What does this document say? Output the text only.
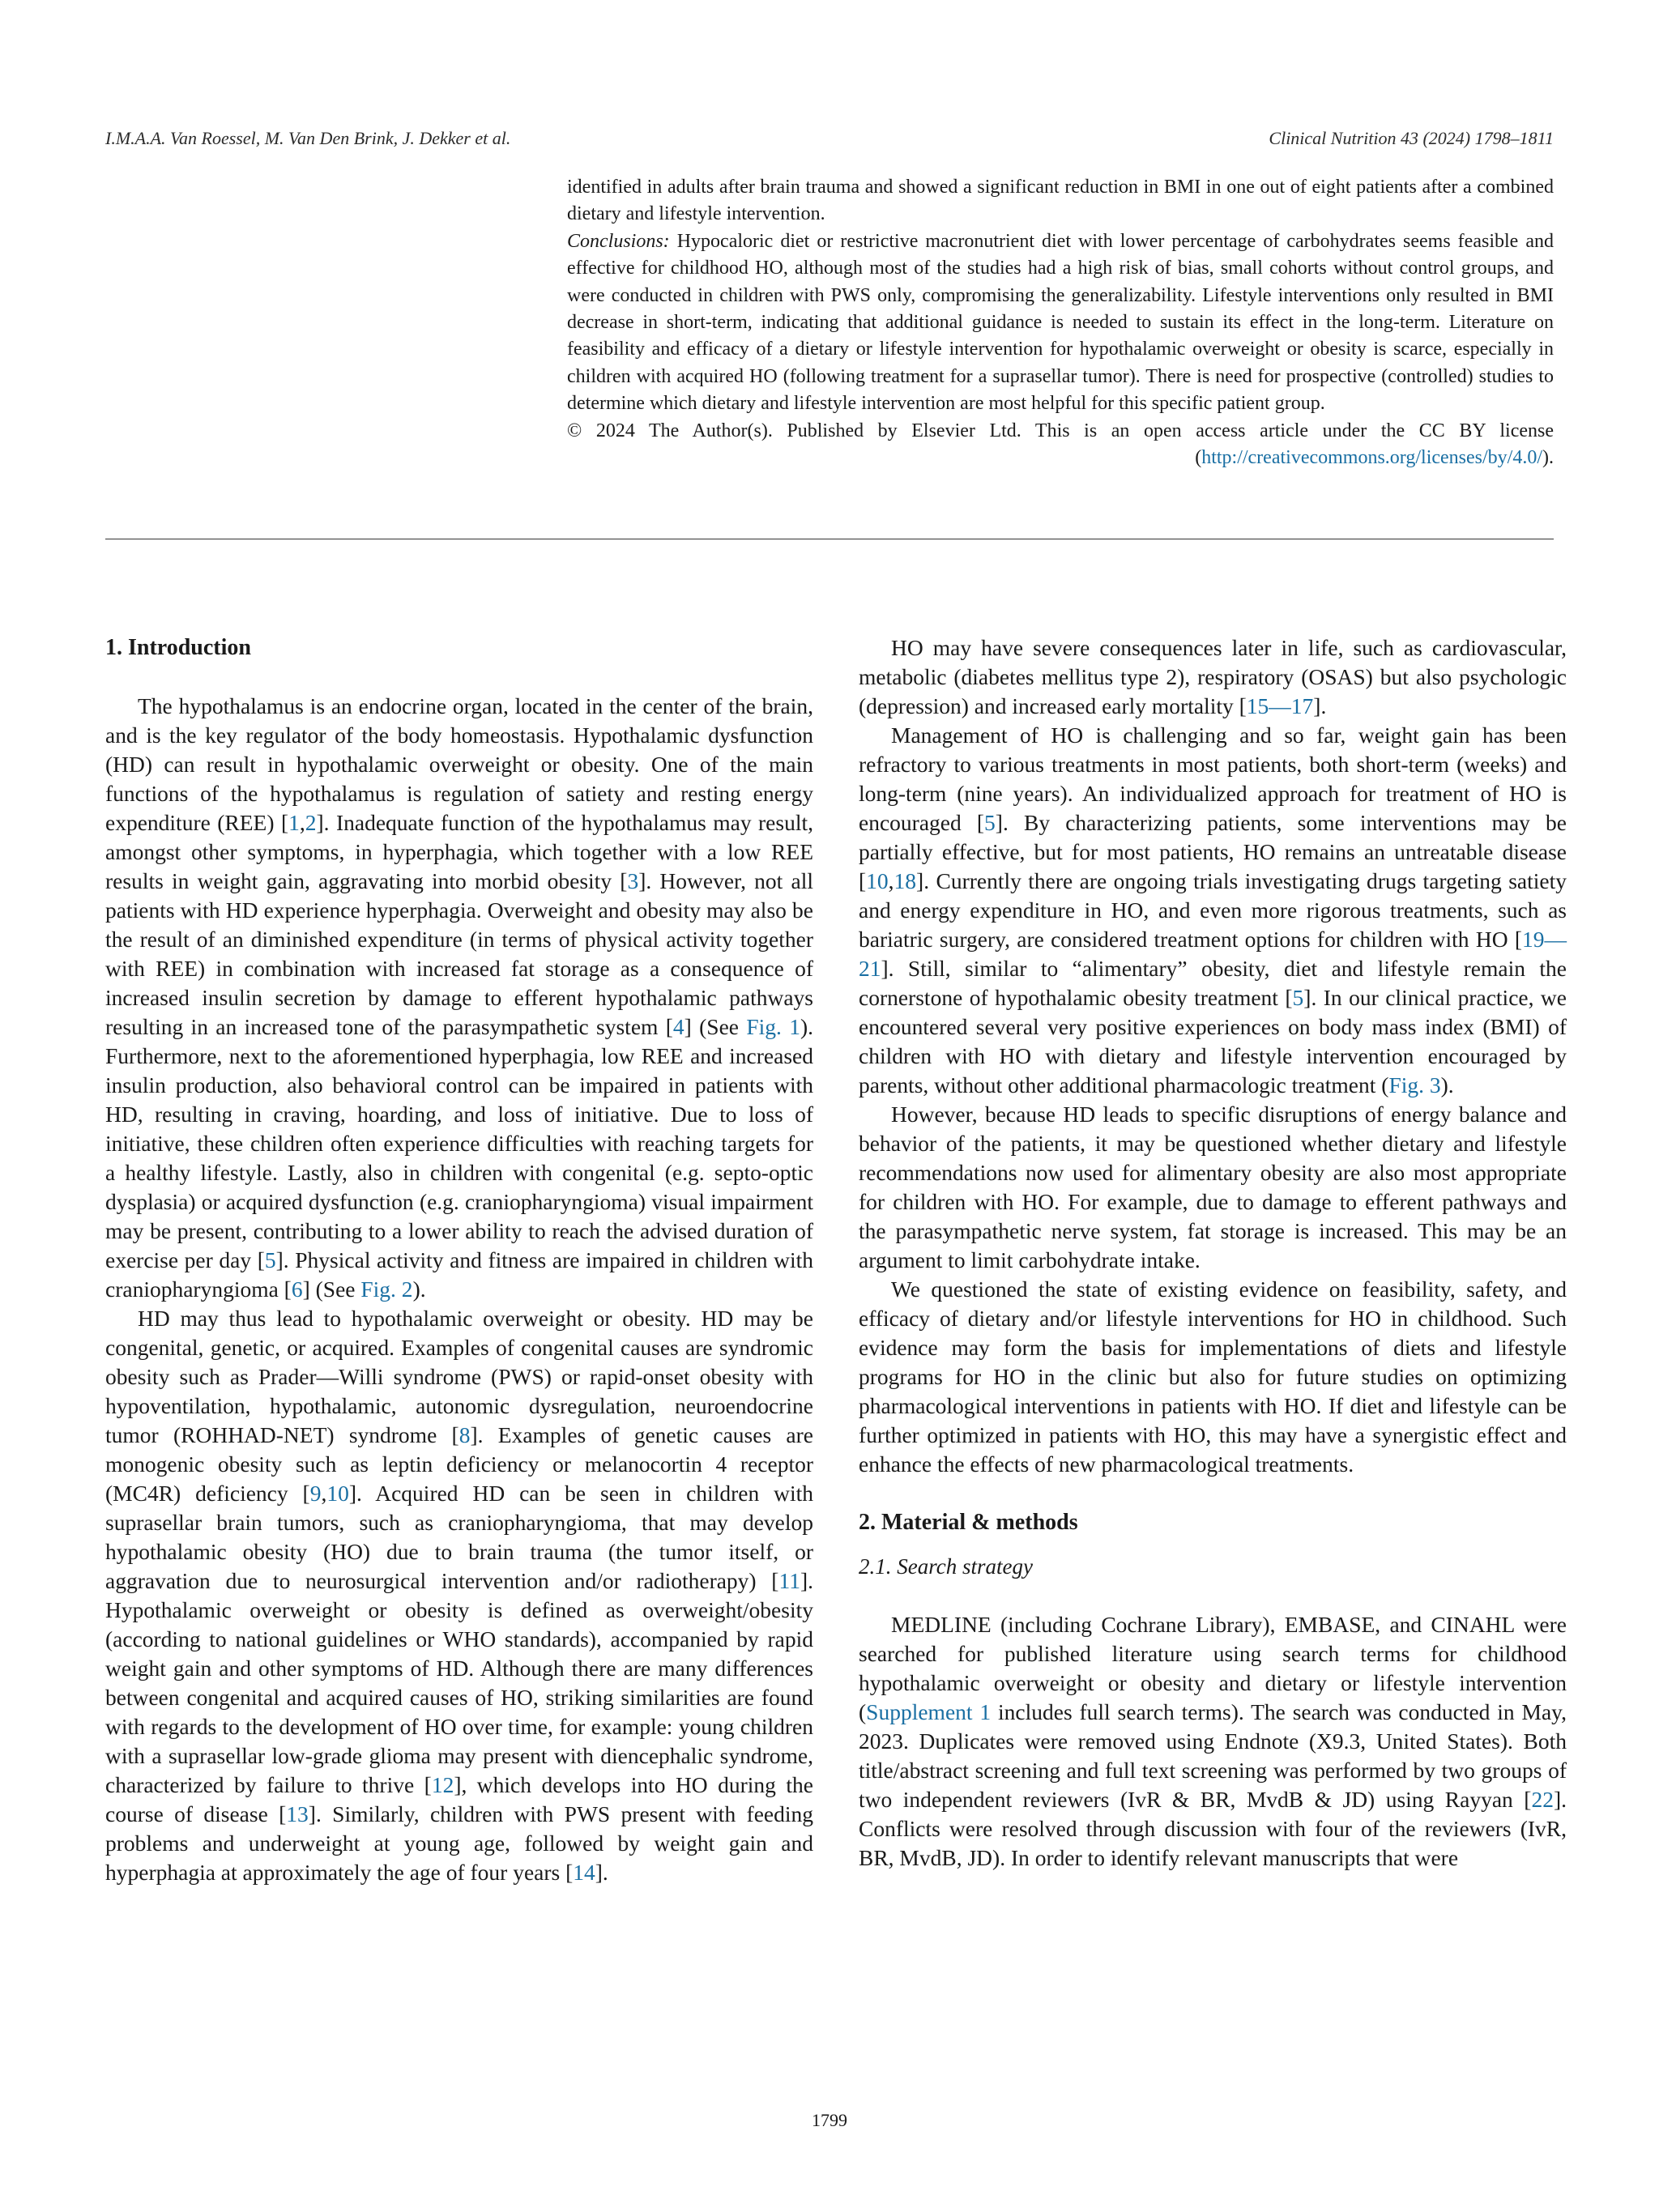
I.M.A.A. Van Roessel, M. Van Den Brink, J. Dekker et al.	Clinical Nutrition 43 (2024) 1798–1811

identified in adults after brain trauma and showed a significant reduction in BMI in one out of eight patients after a combined dietary and lifestyle intervention.

Conclusions: Hypocaloric diet or restrictive macronutrient diet with lower percentage of carbohydrates seems feasible and effective for childhood HO, although most of the studies had a high risk of bias, small cohorts without control groups, and were conducted in children with PWS only, compromising the generalizability. Lifestyle interventions only resulted in BMI decrease in short-term, indicating that additional guidance is needed to sustain its effect in the long-term. Literature on feasibility and efficacy of a dietary or lifestyle intervention for hypothalamic overweight or obesity is scarce, especially in children with acquired HO (following treatment for a suprasellar tumor). There is need for prospective (controlled) studies to determine which dietary and lifestyle intervention are most helpful for this specific patient group.

© 2024 The Author(s). Published by Elsevier Ltd. This is an open access article under the CC BY license

(http://creativecommons.org/licenses/by/4.0/).

1. Introduction

The hypothalamus is an endocrine organ, located in the center of the brain, and is the key regulator of the body homeostasis. Hypothalamic dysfunction (HD) can result in hypothalamic overweight or obesity. One of the main functions of the hypothalamus is regulation of satiety and resting energy expenditure (REE) [1,2]. Inadequate function of the hypothalamus may result, amongst other symptoms, in hyperphagia, which together with a low REE results in weight gain, aggravating into morbid obesity [3]. However, not all patients with HD experience hyperphagia. Overweight and obesity may also be the result of an diminished expenditure (in terms of physical activity together with REE) in combination with increased fat storage as a consequence of increased insulin secretion by damage to efferent hypothalamic pathways resulting in an increased tone of the parasympathetic system [4] (See Fig. 1). Furthermore, next to the aforementioned hyperphagia, low REE and increased insulin production, also behavioral control can be impaired in patients with HD, resulting in craving, hoarding, and loss of initiative. Due to loss of initiative, these children often experience difficulties with reaching targets for a healthy lifestyle. Lastly, also in children with congenital (e.g. septo-optic dysplasia) or acquired dysfunction (e.g. craniopharyngioma) visual impairment may be present, contributing to a lower ability to reach the advised duration of exercise per day [5]. Physical activity and fitness are impaired in children with craniopharyngioma [6] (See Fig. 2).

HD may thus lead to hypothalamic overweight or obesity. HD may be congenital, genetic, or acquired. Examples of congenital causes are syndromic obesity such as Prader—Willi syndrome (PWS) or rapid-onset obesity with hypoventilation, hypothalamic, autonomic dysregulation, neuroendocrine tumor (ROHHAD-NET) syndrome [8]. Examples of genetic causes are monogenic obesity such as leptin deficiency or melanocortin 4 receptor (MC4R) deficiency [9,10]. Acquired HD can be seen in children with suprasellar brain tumors, such as craniopharyngioma, that may develop hypothalamic obesity (HO) due to brain trauma (the tumor itself, or aggravation due to neurosurgical intervention and/or radiotherapy) [11]. Hypothalamic overweight or obesity is defined as overweight/obesity (according to national guidelines or WHO standards), accompanied by rapid weight gain and other symptoms of HD. Although there are many differences between congenital and acquired causes of HO, striking similarities are found with regards to the development of HO over time, for example: young children with a suprasellar low-grade glioma may present with diencephalic syndrome, characterized by failure to thrive [12], which develops into HO during the course of disease [13]. Similarly, children with PWS present with feeding problems and underweight at young age, followed by weight gain and hyperphagia at approximately the age of four years [14].

HO may have severe consequences later in life, such as cardiovascular, metabolic (diabetes mellitus type 2), respiratory (OSAS) but also psychologic (depression) and increased early mortality [15—17].

Management of HO is challenging and so far, weight gain has been refractory to various treatments in most patients, both short-term (weeks) and long-term (nine years). An individualized approach for treatment of HO is encouraged [5]. By characterizing patients, some interventions may be partially effective, but for most patients, HO remains an untreatable disease [10,18]. Currently there are ongoing trials investigating drugs targeting satiety and energy expenditure in HO, and even more rigorous treatments, such as bariatric surgery, are considered treatment options for children with HO [19—21]. Still, similar to “alimentary” obesity, diet and lifestyle remain the cornerstone of hypothalamic obesity treatment [5]. In our clinical practice, we encountered several very positive experiences on body mass index (BMI) of children with HO with dietary and lifestyle intervention encouraged by parents, without other additional pharmacologic treatment (Fig. 3).

However, because HD leads to specific disruptions of energy balance and behavior of the patients, it may be questioned whether dietary and lifestyle recommendations now used for alimentary obesity are also most appropriate for children with HO. For example, due to damage to efferent pathways and the parasympathetic nerve system, fat storage is increased. This may be an argument to limit carbohydrate intake.

We questioned the state of existing evidence on feasibility, safety, and efficacy of dietary and/or lifestyle interventions for HO in childhood. Such evidence may form the basis for implementations of diets and lifestyle programs for HO in the clinic but also for future studies on optimizing pharmacological interventions in patients with HO. If diet and lifestyle can be further optimized in patients with HO, this may have a synergistic effect and enhance the effects of new pharmacological treatments.

2. Material & methods

2.1. Search strategy

MEDLINE (including Cochrane Library), EMBASE, and CINAHL were searched for published literature using search terms for childhood hypothalamic overweight or obesity and dietary or lifestyle intervention (Supplement 1 includes full search terms). The search was conducted in May, 2023. Duplicates were removed using Endnote (X9.3, United States). Both title/abstract screening and full text screening was performed by two groups of two independent reviewers (IvR & BR, MvdB & JD) using Rayyan [22]. Conflicts were resolved through discussion with four of the reviewers (IvR, BR, MvdB, JD). In order to identify relevant manuscripts that were

1799
